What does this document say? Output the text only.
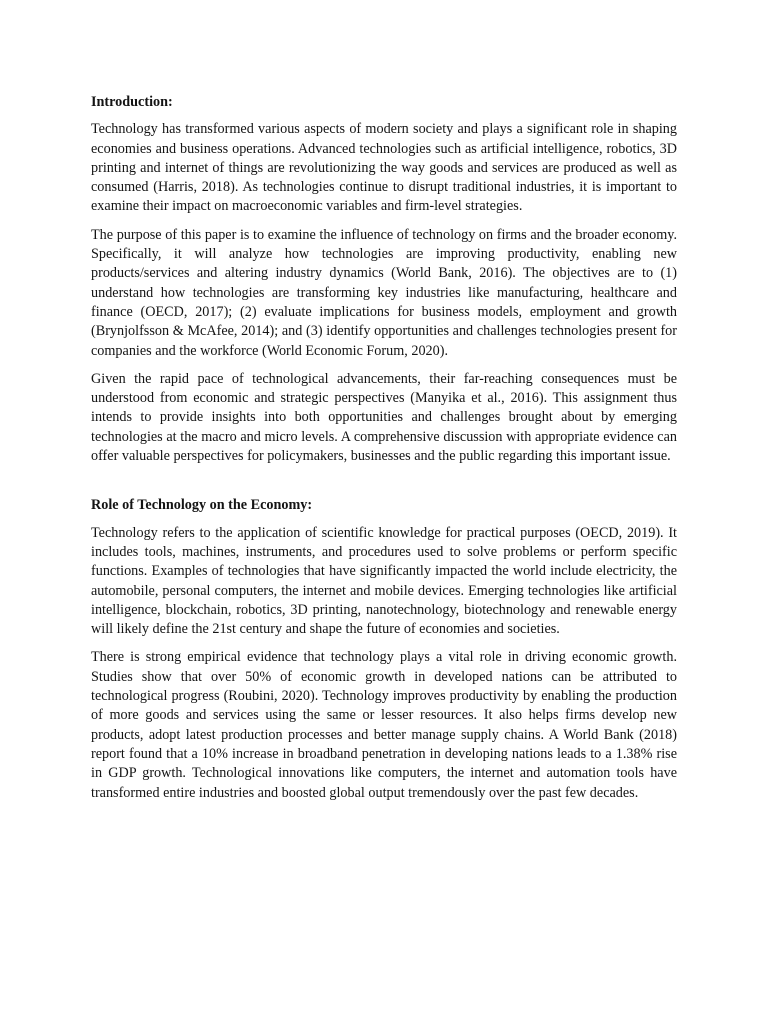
Introduction:

Technology has transformed various aspects of modern society and plays a significant role in shaping economies and business operations. Advanced technologies such as artificial intelligence, robotics, 3D printing and internet of things are revolutionizing the way goods and services are produced as well as consumed (Harris, 2018). As technologies continue to disrupt traditional industries, it is important to examine their impact on macroeconomic variables and firm-level strategies.

The purpose of this paper is to examine the influence of technology on firms and the broader economy. Specifically, it will analyze how technologies are improving productivity, enabling new products/services and altering industry dynamics (World Bank, 2016). The objectives are to (1) understand how technologies are transforming key industries like manufacturing, healthcare and finance (OECD, 2017); (2) evaluate implications for business models, employment and growth (Brynjolfsson & McAfee, 2014); and (3) identify opportunities and challenges technologies present for companies and the workforce (World Economic Forum, 2020).

Given the rapid pace of technological advancements, their far-reaching consequences must be understood from economic and strategic perspectives (Manyika et al., 2016). This assignment thus intends to provide insights into both opportunities and challenges brought about by emerging technologies at the macro and micro levels. A comprehensive discussion with appropriate evidence can offer valuable perspectives for policymakers, businesses and the public regarding this important issue.

Role of Technology on the Economy:

Technology refers to the application of scientific knowledge for practical purposes (OECD, 2019). It includes tools, machines, instruments, and procedures used to solve problems or perform specific functions. Examples of technologies that have significantly impacted the world include electricity, the automobile, personal computers, the internet and mobile devices. Emerging technologies like artificial intelligence, blockchain, robotics, 3D printing, nanotechnology, biotechnology and renewable energy will likely define the 21st century and shape the future of economies and societies.

There is strong empirical evidence that technology plays a vital role in driving economic growth. Studies show that over 50% of economic growth in developed nations can be attributed to technological progress (Roubini, 2020). Technology improves productivity by enabling the production of more goods and services using the same or lesser resources. It also helps firms develop new products, adopt latest production processes and better manage supply chains. A World Bank (2018) report found that a 10% increase in broadband penetration in developing nations leads to a 1.38% rise in GDP growth. Technological innovations like computers, the internet and automation tools have transformed entire industries and boosted global output tremendously over the past few decades.
